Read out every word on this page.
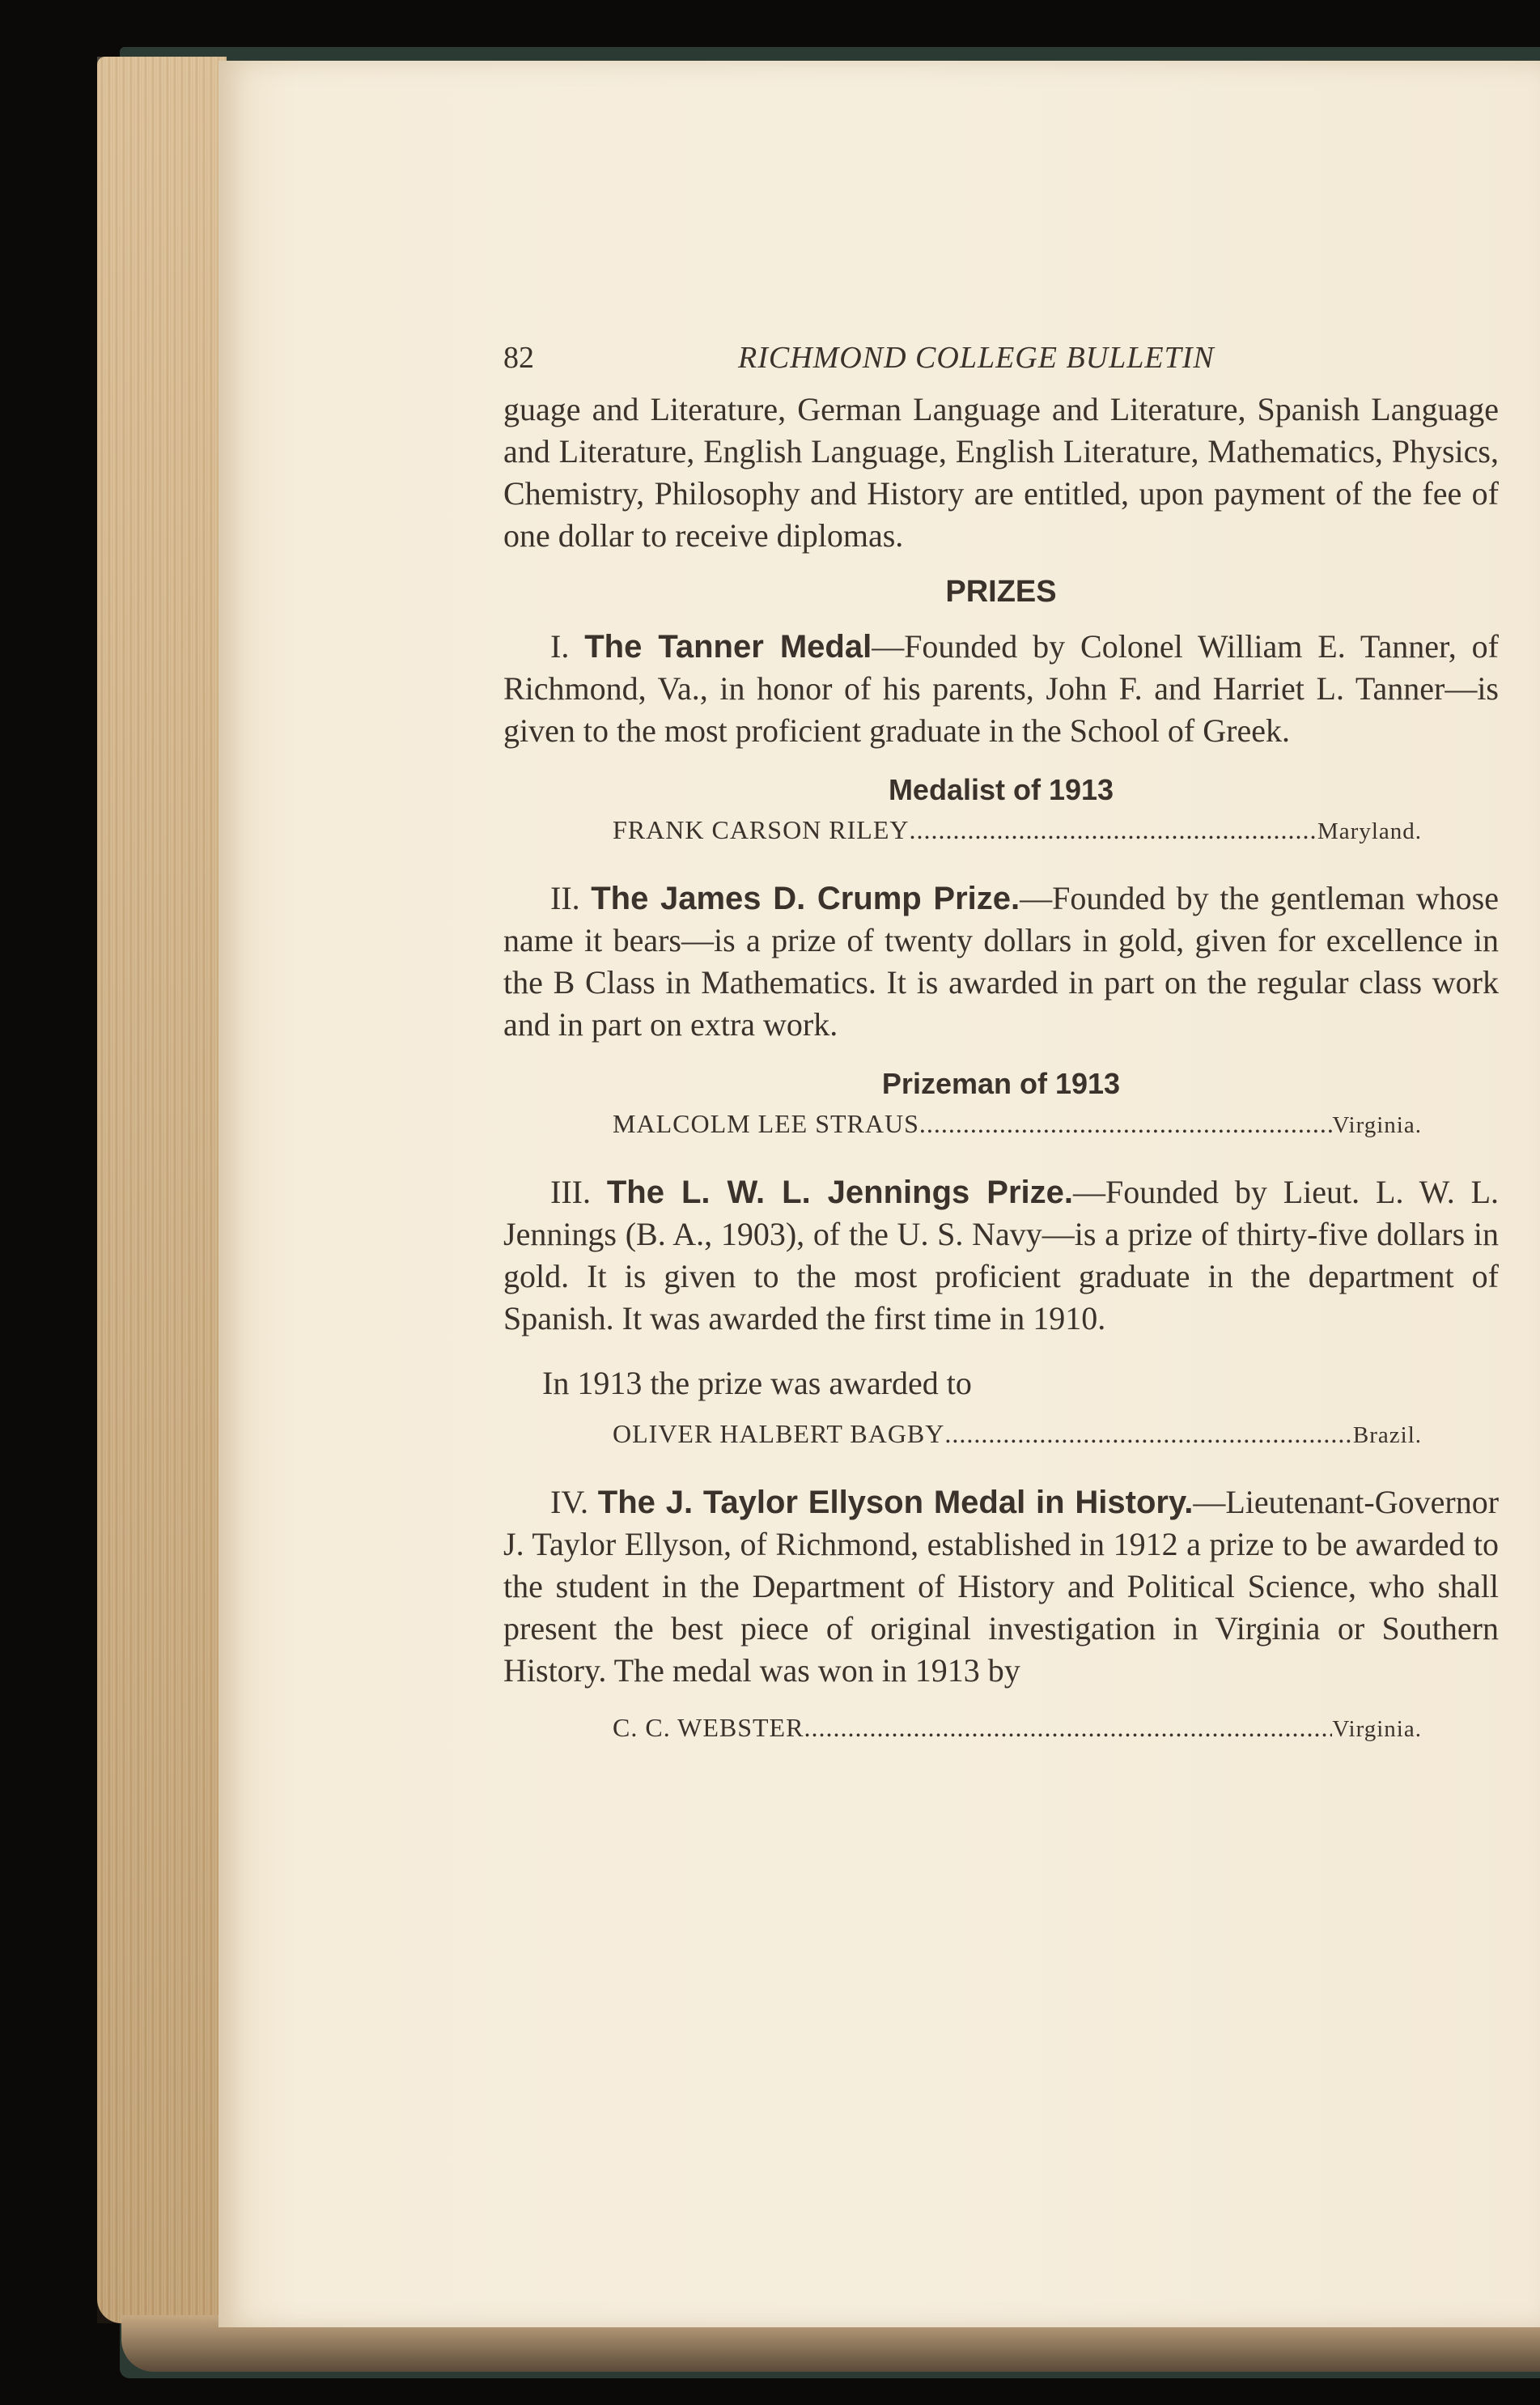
82	RICHMOND COLLEGE BULLETIN

guage and Literature, German Language and Literature, Spanish Language and Literature, English Language, English Literature, Mathematics, Physics, Chemistry, Philosophy and History are entitled, upon payment of the fee of one dollar to receive diplomas.

PRIZES

I. The Tanner Medal—Founded by Colonel William E. Tanner, of Richmond, Va., in honor of his parents, John F. and Harriet L. Tanner—is given to the most proficient graduate in the School of Greek.

Medalist of 1913
FRANK CARSON RILEY .....	Maryland.

II. The James D. Crump Prize.—Founded by the gentleman whose name it bears—is a prize of twenty dollars in gold, given for excellence in the B Class in Mathematics. It is awarded in part on the regular class work and in part on extra work.

Prizeman of 1913
MALCOLM LEE STRAUS .....	Virginia.

III. The L. W. L. Jennings Prize.—Founded by Lieut. L. W. L. Jennings (B. A., 1903), of the U. S. Navy—is a prize of thirty-five dollars in gold. It is given to the most proficient graduate in the department of Spanish. It was awarded the first time in 1910.

In 1913 the prize was awarded to
OLIVER HALBERT BAGBY .....	Brazil.

IV. The J. Taylor Ellyson Medal in History.—Lieutenant-Governor J. Taylor Ellyson, of Richmond, established in 1912 a prize to be awarded to the student in the Department of History and Political Science, who shall present the best piece of original investigation in Virginia or Southern History. The medal was won in 1913 by

C. C. WEBSTER .....	Virginia.
